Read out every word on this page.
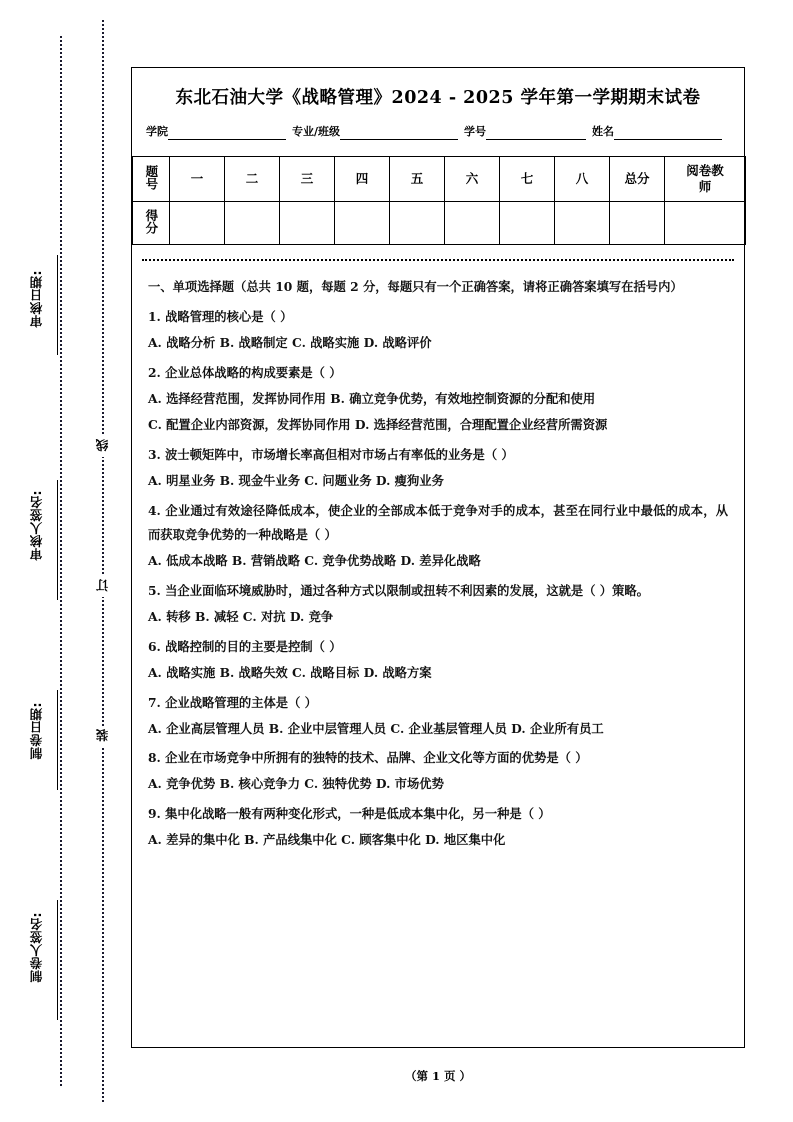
审核日期:
审核人签名:
制卷日期:
制卷人签名:
线
订
装
东北石油大学《战略管理》2024 - 2025 学年第一学期期末试卷
学院	专业/班级	学号	姓名
题号	一	二	三	四	五	六	七	八	总分	阅卷教师
得分										
一、单项选择题（总共 10 题，每题 2 分，每题只有一个正确答案，请将正确答案填写在括号内）
1. 战略管理的核心是（ ）
A. 战略分析 B. 战略制定 C. 战略实施 D. 战略评价
2. 企业总体战略的构成要素是（ ）
A. 选择经营范围，发挥协同作用 B. 确立竞争优势，有效地控制资源的分配和使用
C. 配置企业内部资源，发挥协同作用 D. 选择经营范围，合理配置企业经营所需资源
3. 波士顿矩阵中，市场增长率高但相对市场占有率低的业务是（ ）
A. 明星业务 B. 现金牛业务 C. 问题业务 D. 瘦狗业务
4. 企业通过有效途径降低成本，使企业的全部成本低于竞争对手的成本，甚至在同行业中最低的成本，从而获取竞争优势的一种战略是（ ）
A. 低成本战略 B. 营销战略 C. 竞争优势战略 D. 差异化战略
5. 当企业面临环境威胁时，通过各种方式以限制或扭转不利因素的发展，这就是（ ）策略。
A. 转移 B. 减轻 C. 对抗 D. 竞争
6. 战略控制的目的主要是控制（ ）
A. 战略实施 B. 战略失效 C. 战略目标 D. 战略方案
7. 企业战略管理的主体是（ ）
A. 企业高层管理人员 B. 企业中层管理人员 C. 企业基层管理人员 D. 企业所有员工
8. 企业在市场竞争中所拥有的独特的技术、品牌、企业文化等方面的优势是（ ）
A. 竞争优势 B. 核心竞争力 C. 独特优势 D. 市场优势
9. 集中化战略一般有两种变化形式，一种是低成本集中化，另一种是（ ）
A. 差异的集中化 B. 产品线集中化 C. 顾客集中化 D. 地区集中化
（第 1 页 ）
